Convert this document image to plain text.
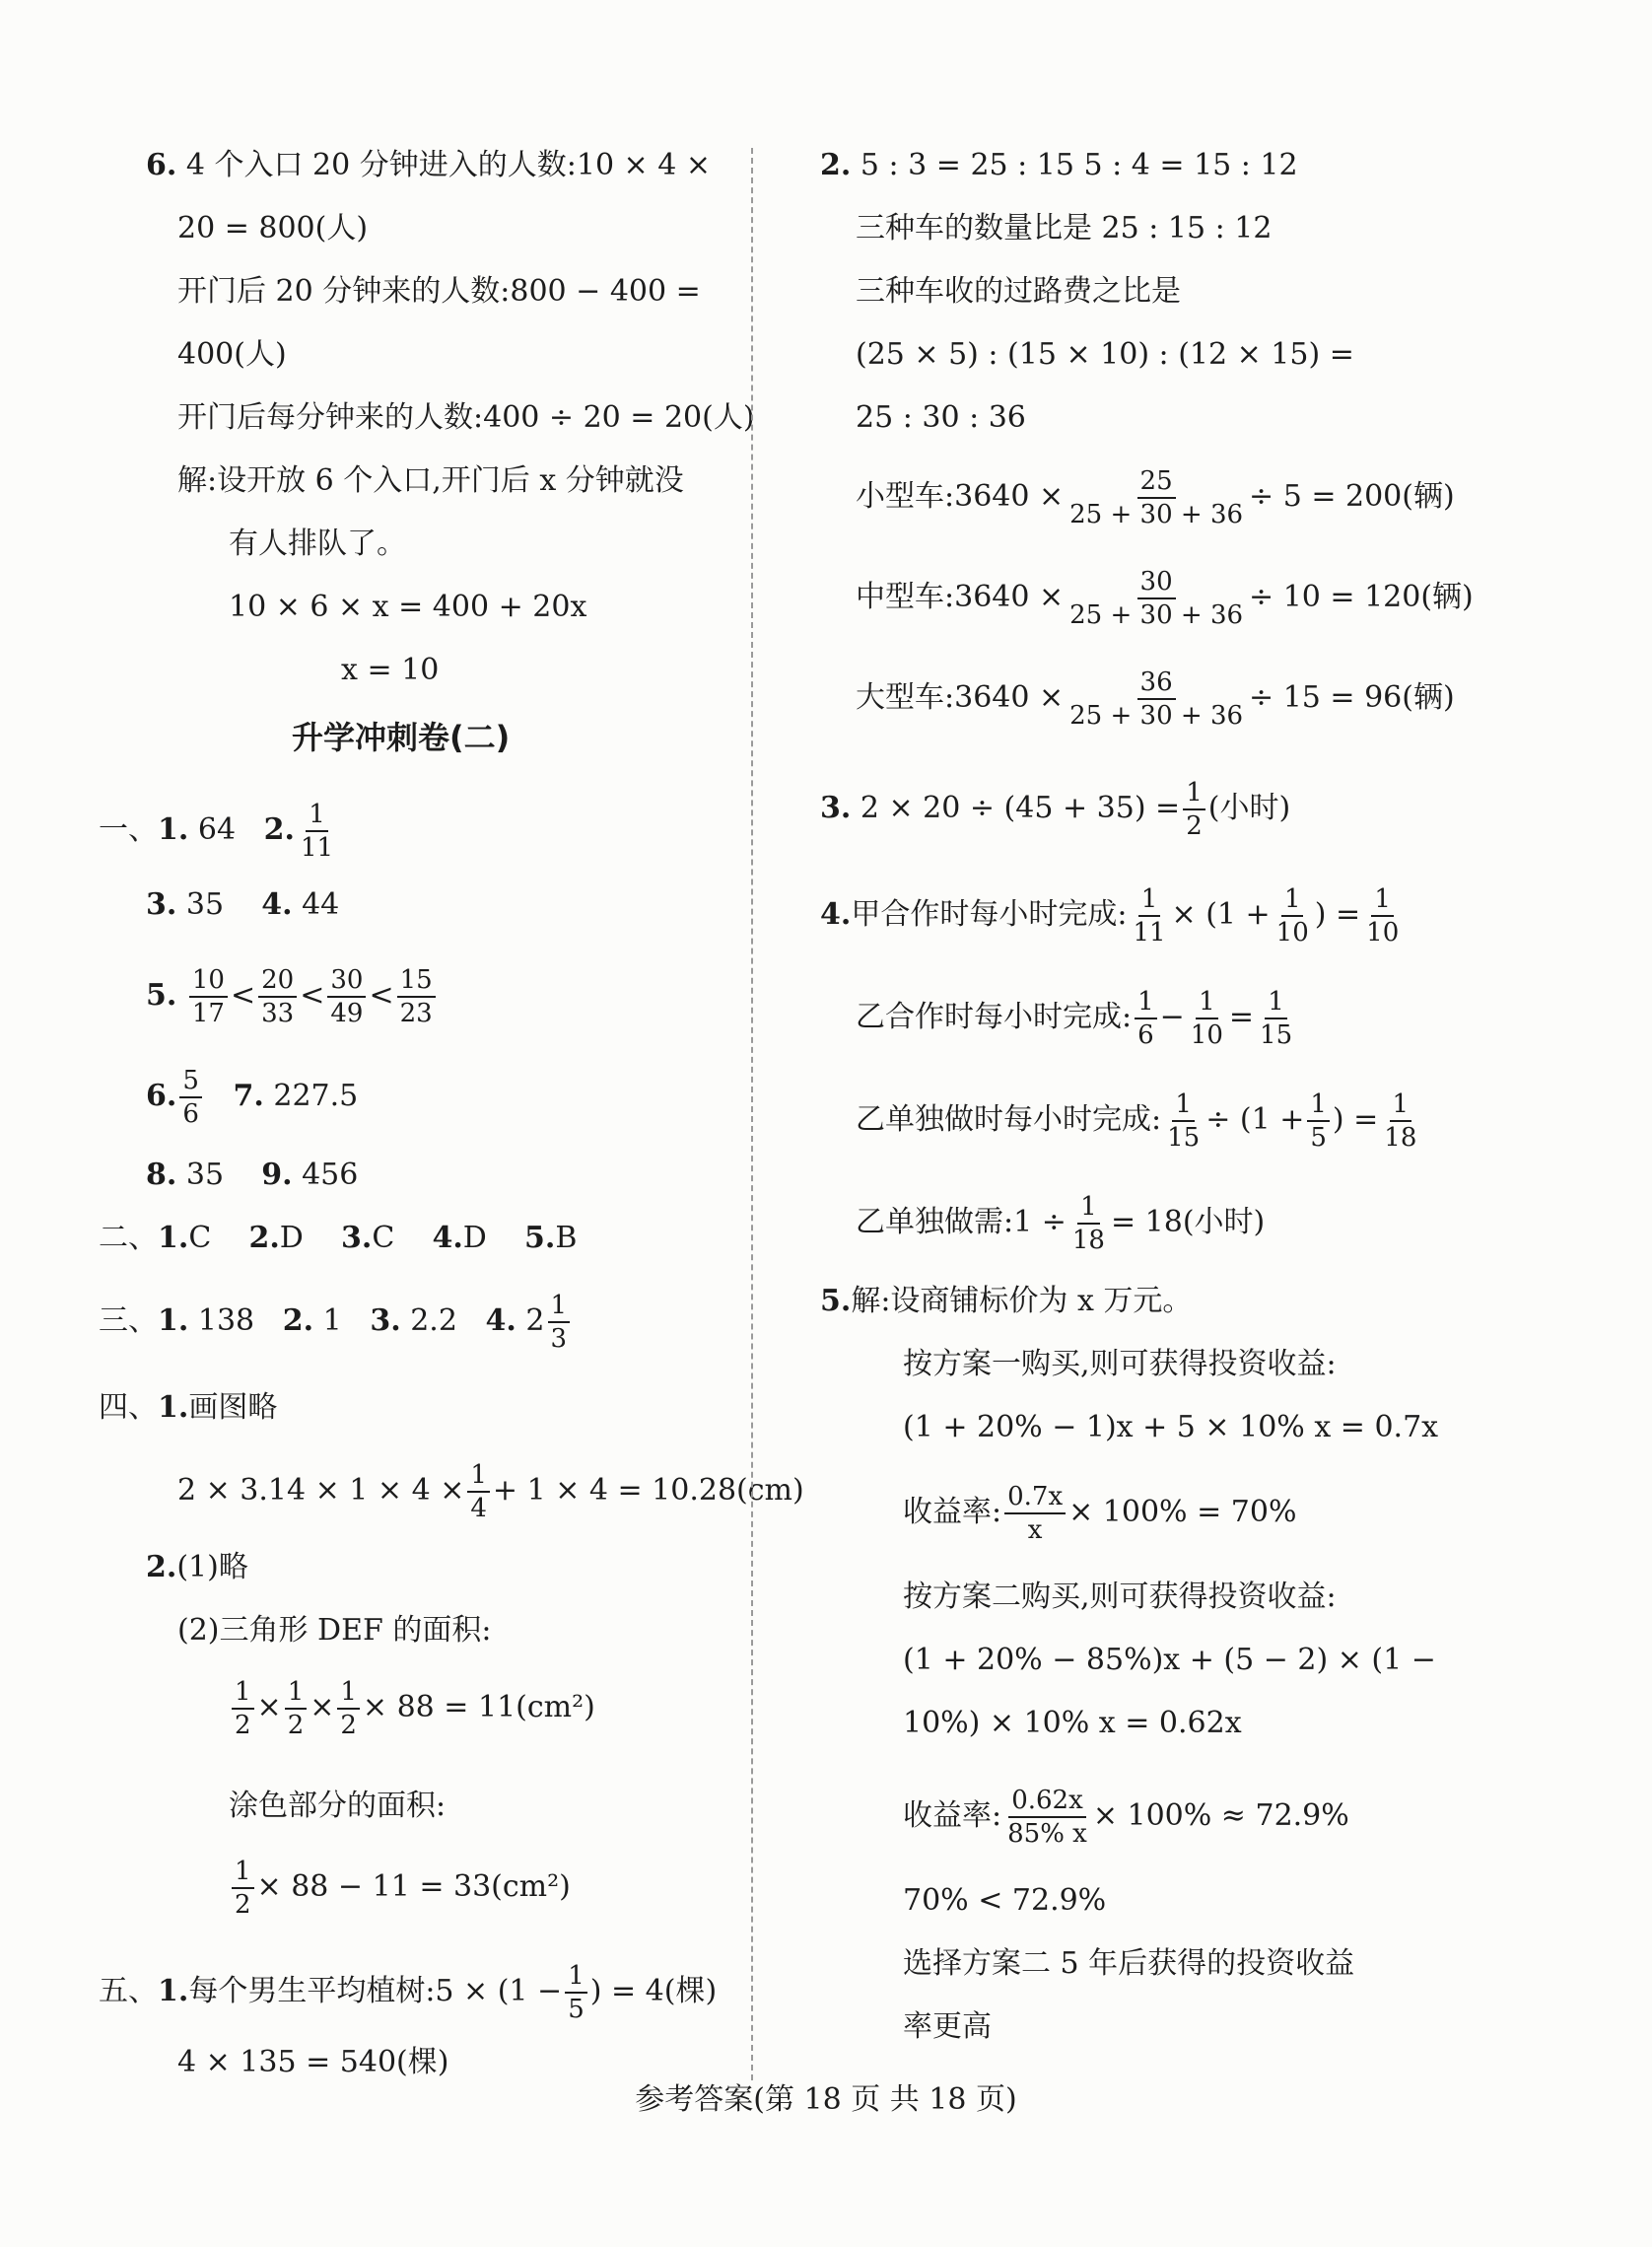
6. 4 个入口 20 分钟进入的人数:10 × 4 ×
20 = 800(人)
开门后 20 分钟来的人数:800 − 400 =
400(人)
开门后每分钟来的人数:400 ÷ 20 = 20(人)
解:设开放 6 个入口,开门后 x 分钟就没
有人排队了。
10 × 6 × x = 400 + 20x
x = 10
升学冲刺卷(二)
一、1. 64 2. $\frac{1}{11}$
3. 35 4. 44
5. $\frac{10}{17} < \frac{20}{33} < \frac{30}{49} < \frac{15}{23}$
6. $\frac{5}{6} 7$. 227.5
8. 35 9. 456
二、1.C 2.D 3.C 4.D 5.B
三、1. 138 2. 1 3. 2.2 4. $2 \frac{1}{3}$
四、1.画图略
$2 \times 3.14 \times 1 \times 4 \times \frac{1}{4} + 1 \times 4 = 10.28(cm)$
2.(1)略
(2)三角形 DEF 的面积:
$\frac{1}{2} \times \frac{1}{2} \times \frac{1}{2} \times 88 = 11(cm^2)$
涂色部分的面积:
$\frac{1}{2} \times 88 - 11 = 33(cm^2)$
五、1.每个男生平均植树:5 × ($1 - \frac{1}{5}$ ) = 4(棵)
4 × 135 = 540(棵)
2. 5 : 3 = 25 : 15 5 : 4 = 15 : 12
三种车的数量比是 25 : 15 : 12
三种车收的过路费之比是
(25 × 5) : (15 × 10) : (12 × 15) =
25 : 30 : 36
小型车:3640 × $\frac{25}{25 + 30 + 36} \div 5 = 200$(辆)
中型车:3640 × $\frac{30}{25 + 30 + 36} \div 10 = 120$(辆)
大型车:3640 × $\frac{36}{25 + 30 + 36} \div 15 = 96$(辆)
3. $2 \times 20 \div (45 + 35) = \frac{1}{2}$ (小时)
4.甲合作时每小时完成: $\frac{1}{11} \times (1 + \frac{1}{10}$ ) = $\frac{1}{10}$
乙合作时每小时完成: $\frac{1}{6} - \frac{1}{10} = \frac{1}{15}$
乙单独做时每小时完成: $\frac{1}{15} \div (1 + \frac{1}{5}$ ) = $\frac{1}{18}$
乙单独做需:1 ÷ $\frac{1}{18} = 18$(小时)
5.解:设商铺标价为 x 万元。
按方案一购买,则可获得投资收益:
(1 + 20% − 1)x + 5 × 10% x = 0.7x
收益率: $\frac{0.7x}{x} \times 100\% = 70\%$
按方案二购买,则可获得投资收益:
(1 + 20% − 85%)x + (5 − 2) × (1 −
10%) × 10% x = 0.62x
收益率: $\frac{0.62x}{85\% x} \times 100\% \approx 72.9\%$
70% < 72.9%
选择方案二 5 年后获得的投资收益
率更高
参考答案(第 18 页 共 18 页)
